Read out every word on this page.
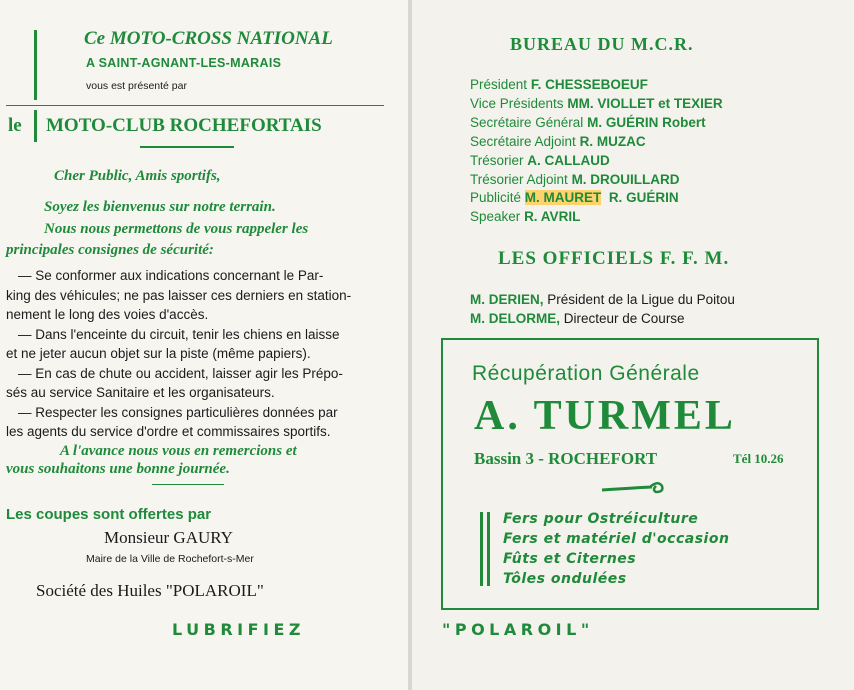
Ce MOTO-CROSS NATIONAL
A SAINT-AGNANT-LES-MARAIS
vous est présenté par
le MOTO-CLUB ROCHEFORTAIS
Cher Public, Amis sportifs,
Soyez les bienvenus sur notre terrain.
Nous nous permettons de vous rappeler les
principales consignes de sécurité:
— Se conformer aux indications concernant le Par-
king des véhicules; ne pas laisser ces derniers en station-
nement le long des voies d'accès.
— Dans l'enceinte du circuit, tenir les chiens en laisse
et ne jeter aucun objet sur la piste (même papiers).
— En cas de chute ou accident, laisser agir les Prépo-
sés au service Sanitaire et les organisateurs.
— Respecter les consignes particulières données par
les agents du service d'ordre et commissaires sportifs.
A l'avance nous vous en remercions et
vous souhaitons une bonne journée.
Les coupes sont offertes par
Monsieur GAURY
Maire de la Ville de Rochefort-s-Mer
Société des Huiles "POLAROIL"
LUBRIFIEZ
BUREAU DU M.C.R.
Président F. CHESSEBOEUF
Vice Présidents MM. VIOLLET et TEXIER
Secrétaire Général M. GUÉRIN Robert
Secrétaire Adjoint R. MUZAC
Trésorier A. CALLAUD
Trésorier Adjoint M. DROUILLARD
Publicité M. MAURET R. GUÉRIN
Speaker R. AVRIL
LES OFFICIELS F. F. M.
M. DERIEN, Président de la Ligue du Poitou
M. DELORME, Directeur de Course
Récupération Générale
A. TURMEL
Bassin 3 - ROCHEFORT	Tél 10.26
Fers pour Ostréiculture
Fers et matériel d'occasion
Fûts et Citernes
Tôles ondulées
"POLAROIL"
